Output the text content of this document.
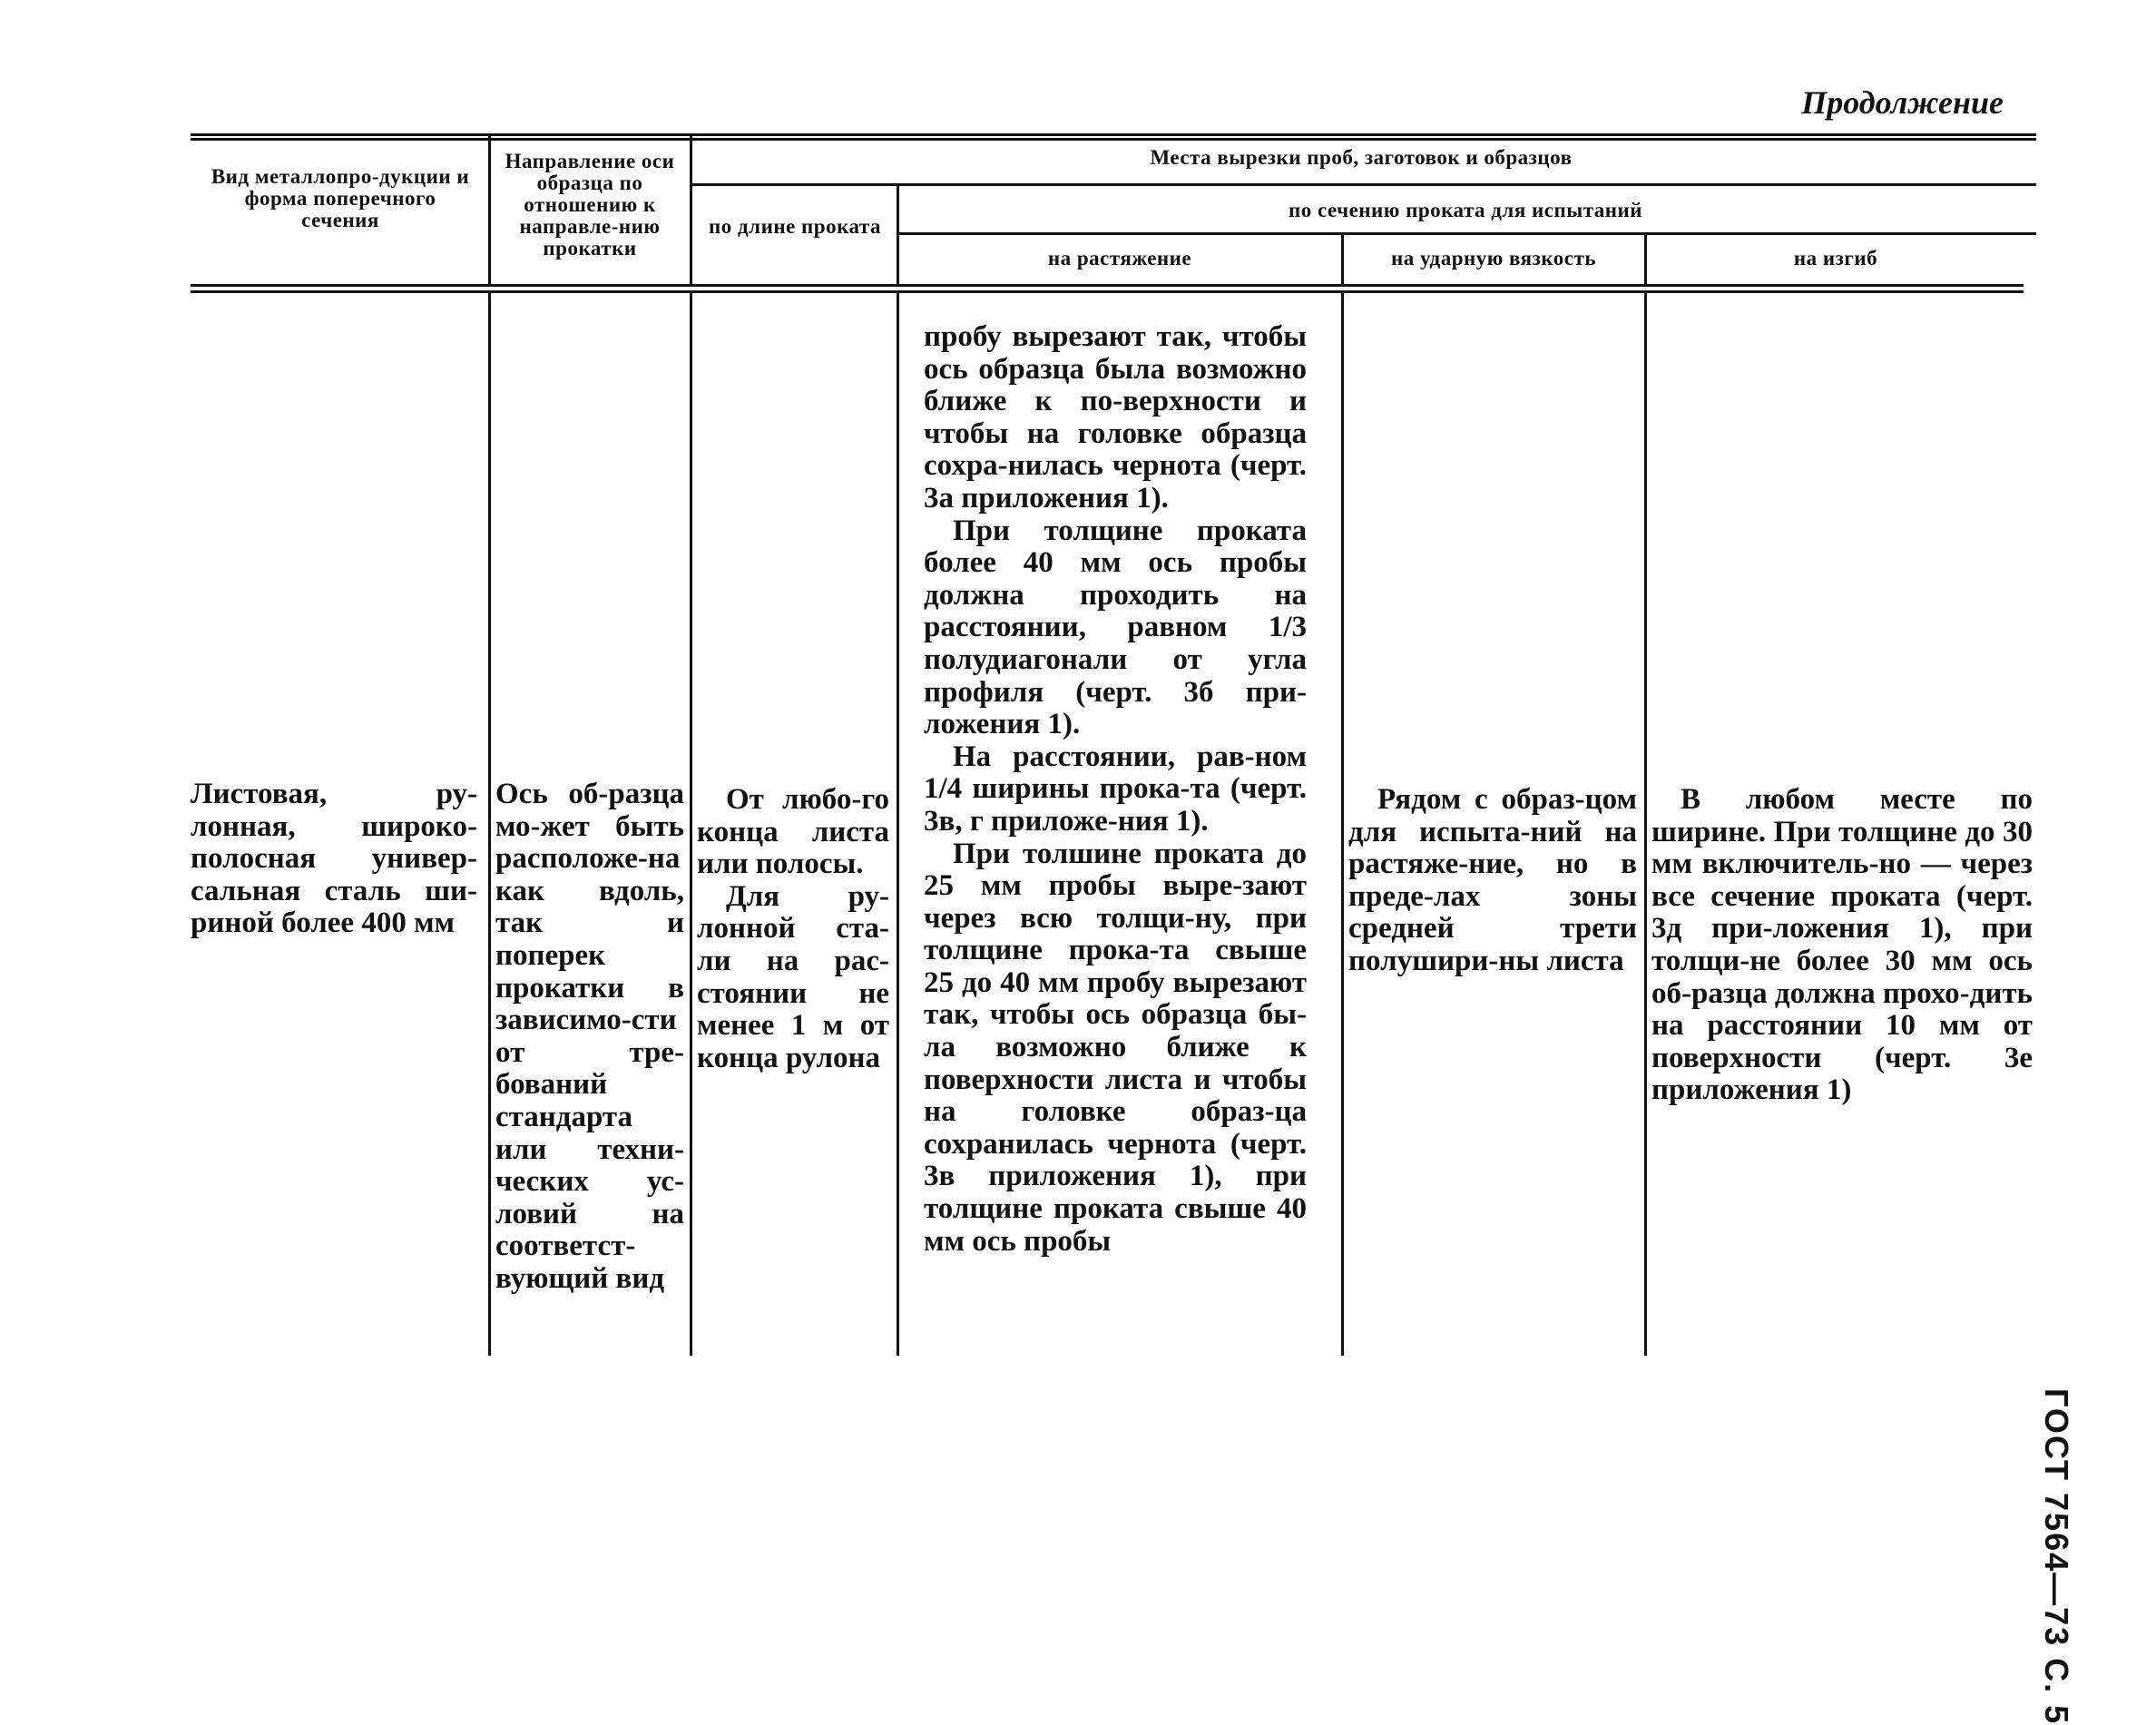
Продолжение
Вид металлопро-дукции и форма поперечного сечения
Направление оси образца по отношению к направле-нию прокатки
Места вырезки проб, заготовок и образцов
по длине проката
по сечению проката для испытаний
на растяжение	на ударную вязкость	на изгиб
Листовая, ру-лонная, широко-полосная универ-сальная сталь ши-риной более 400 мм
Ось об-разца мо-жет быть расположе-на как вдоль, так и поперек прокатки в зависимо-сти от тре-бований стандарта или техни-ческих ус-ловий на соответст-вующий вид

От любо-го конца листа или полосы.

Для ру-лонной ста-ли на рас-стоянии не менее 1 м от конца рулона

пробу вырезают так, чтобы ось образца была возможно ближе к по-верхности и чтобы на головке образца сохра-нилась чернота (черт. 3а приложения 1).

При толщине проката более 40 мм ось пробы должна проходить на расстоянии, равном 1/3 полудиагонали от угла профиля (черт. 3б при-ложения 1).

На расстоянии, рав-ном 1/4 ширины прока-та (черт. 3в, г приложе-ния 1).

При толшине проката до 25 мм пробы выре-зают через всю толщи-ну, при толщине прока-та свыше 25 до 40 мм пробу вырезают так, чтобы ось образца бы-ла возможно ближе к поверхности листа и чтобы на головке образ-ца сохранилась чернота (черт. 3в приложения 1), при толщине проката свыше 40 мм ось пробы

Рядом с образ-цом для испыта-ний на растяже-ние, но в преде-лах зоны средней трети полушири-ны листа

В любом месте по ширине. При толщине до 30 мм включитель-но — через все сечение проката (черт. 3д при-ложения 1), при толщи-не более 30 мм ось об-разца должна прохо-дить на расстоянии 10 мм от поверхности (черт. 3е приложения 1)

ГОСТ 7564—73 С. 5
